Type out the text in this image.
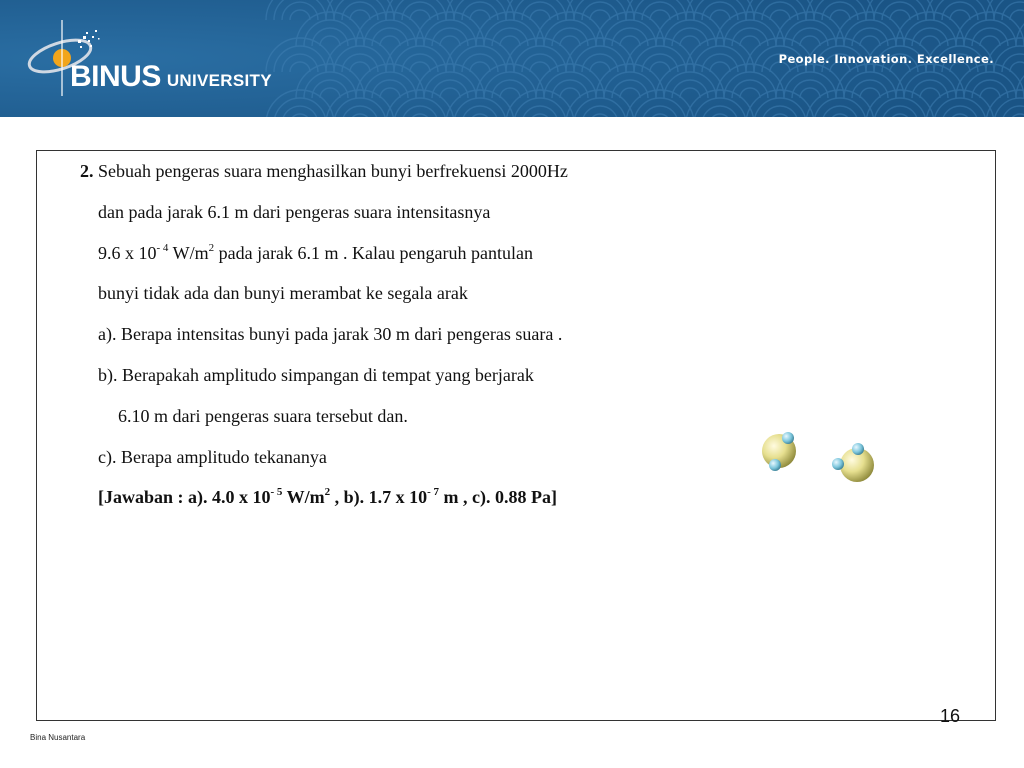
BINUS UNIVERSITY
People. Innovation. Excellence.
2. Sebuah pengeras suara menghasilkan bunyi berfrekuensi 2000Hz
dan pada jarak 6.1 m dari pengeras suara intensitasnya
9.6 x $10^{- 4}$ $W/m^2$ pada jarak 6.1 m . Kalau pengaruh pantulan
bunyi tidak ada dan bunyi merambat ke segala arak
a). Berapa intensitas bunyi pada jarak 30 m dari pengeras suara .
b). Berapakah amplitudo simpangan di tempat yang berjarak
6.10 m dari pengeras suara tersebut dan.
c). Berapa amplitudo tekananya
[Jawaban : a). 4.0 x $10^{- 5}$ $W/m^2$ , b). 1.7 x $10^{- 7}$ m , c). 0.88 Pa]
16
Bina Nusantara
